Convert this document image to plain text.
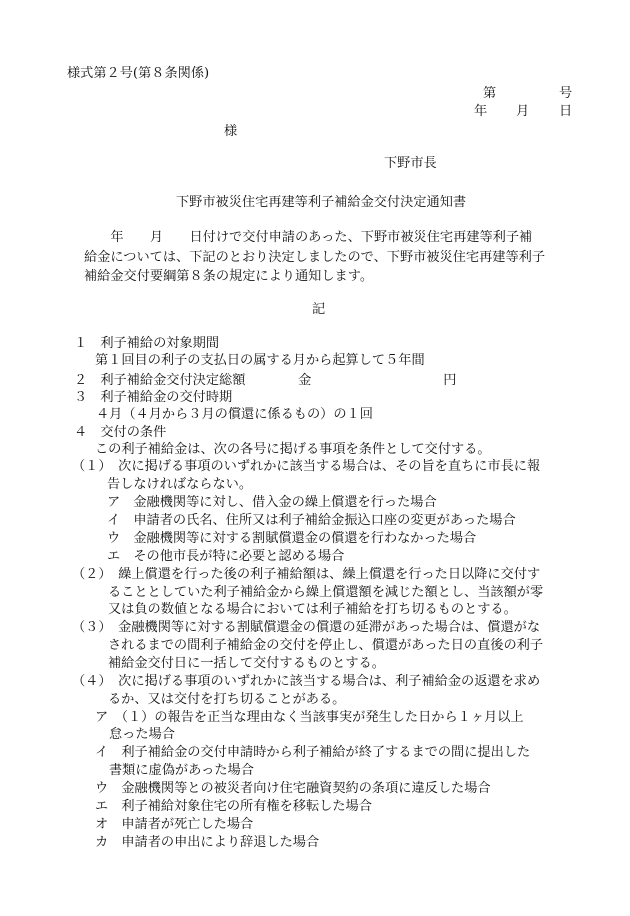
様式第２号(第８条関係)
第	号
年 月 日
様
下野市長
下野市被災住宅再建等利子補給金交付決定通知書
　　年　　月　　日付けで交付申請のあった、下野市被災住宅再建等利子補
給金については、下記のとおり決定しましたので、下野市被災住宅再建等利子
補給金交付要綱第８条の規定により通知します。
記
１　利子補給の対象期間
第１回目の利子の支払日の属する月から起算して５年間
２　利子補給金交付決定総額　　　　金　　　　　　　　　　円
３　利子補給金の交付時期
４月（４月から３月の償還に係るもの）の１回
４　交付の条件
この利子補給金は、次の各号に掲げる事項を条件として交付する。
（１）　次に掲げる事項のいずれかに該当する場合は、その旨を直ちに市長に報
告しなければならない。
ア　金融機関等に対し、借入金の繰上償還を行った場合
イ　申請者の氏名、住所又は利子補給金振込口座の変更があった場合
ウ　金融機関等に対する割賦償還金の償還を行わなかった場合
エ　その他市長が特に必要と認める場合
（２）　繰上償還を行った後の利子補給額は、繰上償還を行った日以降に交付す
ることとしていた利子補給金から繰上償還額を減じた額とし、当該額が零
又は負の数値となる場合においては利子補給を打ち切るものとする。
（３）　金融機関等に対する割賦償還金の償還の延滞があった場合は、償還がな
されるまでの間利子補給金の交付を停止し、償還があった日の直後の利子
補給金交付日に一括して交付するものとする。
（４）　次に掲げる事項のいずれかに該当する場合は、利子補給金の返還を求め
るか、又は交付を打ち切ることがある。
ア　（１）の報告を正当な理由なく当該事実が発生した日から１ヶ月以上
怠った場合
イ　利子補給金の交付申請時から利子補給が終了するまでの間に提出した
書類に虚偽があった場合
ウ　金融機関等との被災者向け住宅融資契約の条項に違反した場合
エ　利子補給対象住宅の所有権を移転した場合
オ　申請者が死亡した場合
カ　申請者の申出により辞退した場合
